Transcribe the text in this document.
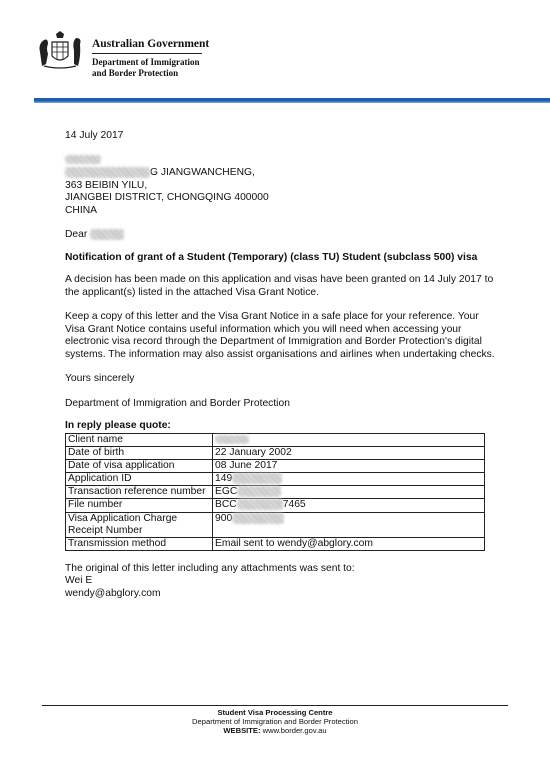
Australian Government
Department of Immigration
and Border Protection

14 July 2017

G JIANGWANCHENG,
363 BEIBIN YILU,
JIANGBEI DISTRICT, CHONGQING 400000
CHINA

Dear

Notification of grant of a Student (Temporary) (class TU) Student (subclass 500) visa

A decision has been made on this application and visas have been granted on 14 July 2017 to the applicant(s) listed in the attached Visa Grant Notice.

Keep a copy of this letter and the Visa Grant Notice in a safe place for your reference. Your Visa Grant Notice contains useful information which you will need when accessing your electronic visa record through the Department of Immigration and Border Protection's digital systems. The information may also assist organisations and airlines when undertaking checks.

Yours sincerely

Department of Immigration and Border Protection

In reply please quote:

Client name	
Date of birth	22 January 2002
Date of visa application	08 June 2017
Application ID	149
Transaction reference number	EGC
File number	BCC 7465
Visa Application Charge Receipt Number	900
Transmission method	Email sent to wendy@abglory.com

The original of this letter including any attachments was sent to:

Wei E

wendy@abglory.com

Student Visa Processing Centre
Department of Immigration and Border Protection
WEBSITE: www.border.gov.au
